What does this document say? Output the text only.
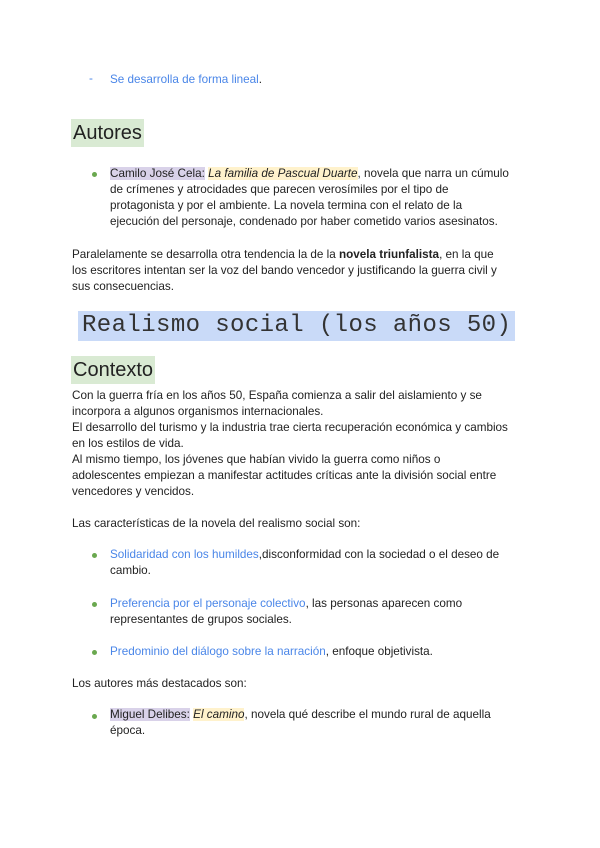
- Se desarrolla de forma lineal.

Autores

Camilo José Cela: La familia de Pascual Duarte, novela que narra un cúmulo

de crímenes y atrocidades que parecen verosímiles por el tipo de

protagonista y por el ambiente. La novela termina con el relato de la

ejecución del personaje, condenado por haber cometido varios asesinatos.

Paralelamente se desarrolla otra tendencia la de la novela triunfalista, en la que

los escritores intentan ser la voz del bando vencedor y justificando la guerra civil y

sus consecuencias.

Realismo social (los años 50)
Contexto

Con la guerra fría en los años 50, España comienza a salir del aislamiento y se

incorpora a algunos organismos internacionales.

El desarrollo del turismo y la industria trae cierta recuperación económica y cambios

en los estilos de vida.

Al mismo tiempo, los jóvenes que habían vivido la guerra como niños o

adolescentes empiezan a manifestar actitudes críticas ante la división social entre

vencedores y vencidos.

Las características de la novela del realismo social son:

Solidaridad con los humildes,disconformidad con la sociedad o el deseo de

cambio.

Preferencia por el personaje colectivo, las personas aparecen como

representantes de grupos sociales.

Predominio del diálogo sobre la narración, enfoque objetivista.

Los autores más destacados son:

Miguel Delibes: El camino, novela qué describe el mundo rural de aquella

época.
